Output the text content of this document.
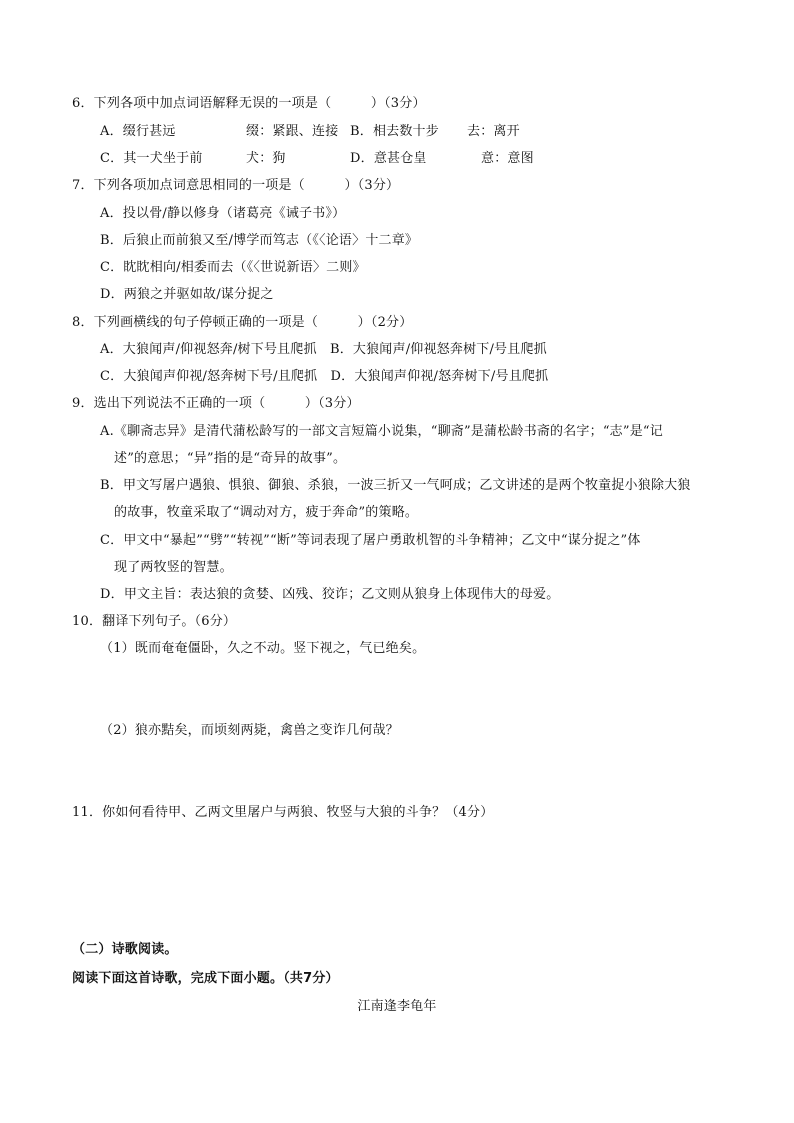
6．下列各项中加点词语解释无误的一项是（　　　）（3分）
A．缀行甚远	缀：紧跟、连接 B．相去数十步 去：离开
C．其一犬坐于前	犬：狗	D．意甚仓皇	意：意图
7．下列各项加点词意思相同的一项是（　　　）（3分）
A．投以骨/静以修身（诸葛亮《诫子书》）
B．后狼止而前狼又至/博学而笃志（《〈论语〉十二章》
C．眈眈相向/相委而去（《〈世说新语〉二则》
D．两狼之并驱如故/谋分捉之
8．下列画横线的句子停顿正确的一项是（　　　）（2分）
A．大狼闻声/仰视怒奔/树下号且爬抓　B．大狼闻声/仰视怒奔树下/号且爬抓
C．大狼闻声仰视/怒奔树下号/且爬抓　D．大狼闻声仰视/怒奔树下/号且爬抓
9．选出下列说法不正确的一项（　　　）（3分）
A.《聊斋志异》是清代蒲松龄写的一部文言短篇小说集，“聊斋”是蒲松龄书斋的名字；“志”是“记
述”的意思；“异”指的是“奇异的故事”。
B．甲文写屠户遇狼、惧狼、御狼、杀狼，一波三折又一气呵成；乙文讲述的是两个牧童捉小狼除大狼
的故事，牧童采取了“调动对方，疲于奔命”的策略。
C．甲文中“暴起”“劈”“转视”“断”等词表现了屠户勇敢机智的斗争精神；乙文中“谋分捉之”体
现了两牧竖的智慧。
D．甲文主旨：表达狼的贪婪、凶残、狡诈；乙文则从狼身上体现伟大的母爱。
10．翻译下列句子。（6分）
（1）既而奄奄僵卧，久之不动。竖下视之，气已绝矣。
（2）狼亦黠矣，而顷刻两毙，禽兽之变诈几何哉？
11．你如何看待甲、乙两文里屠户与两狼、牧竖与大狼的斗争？（4分）
（二）诗歌阅读。
阅读下面这首诗歌，完成下面小题。（共7分）
江南逢李龟年
